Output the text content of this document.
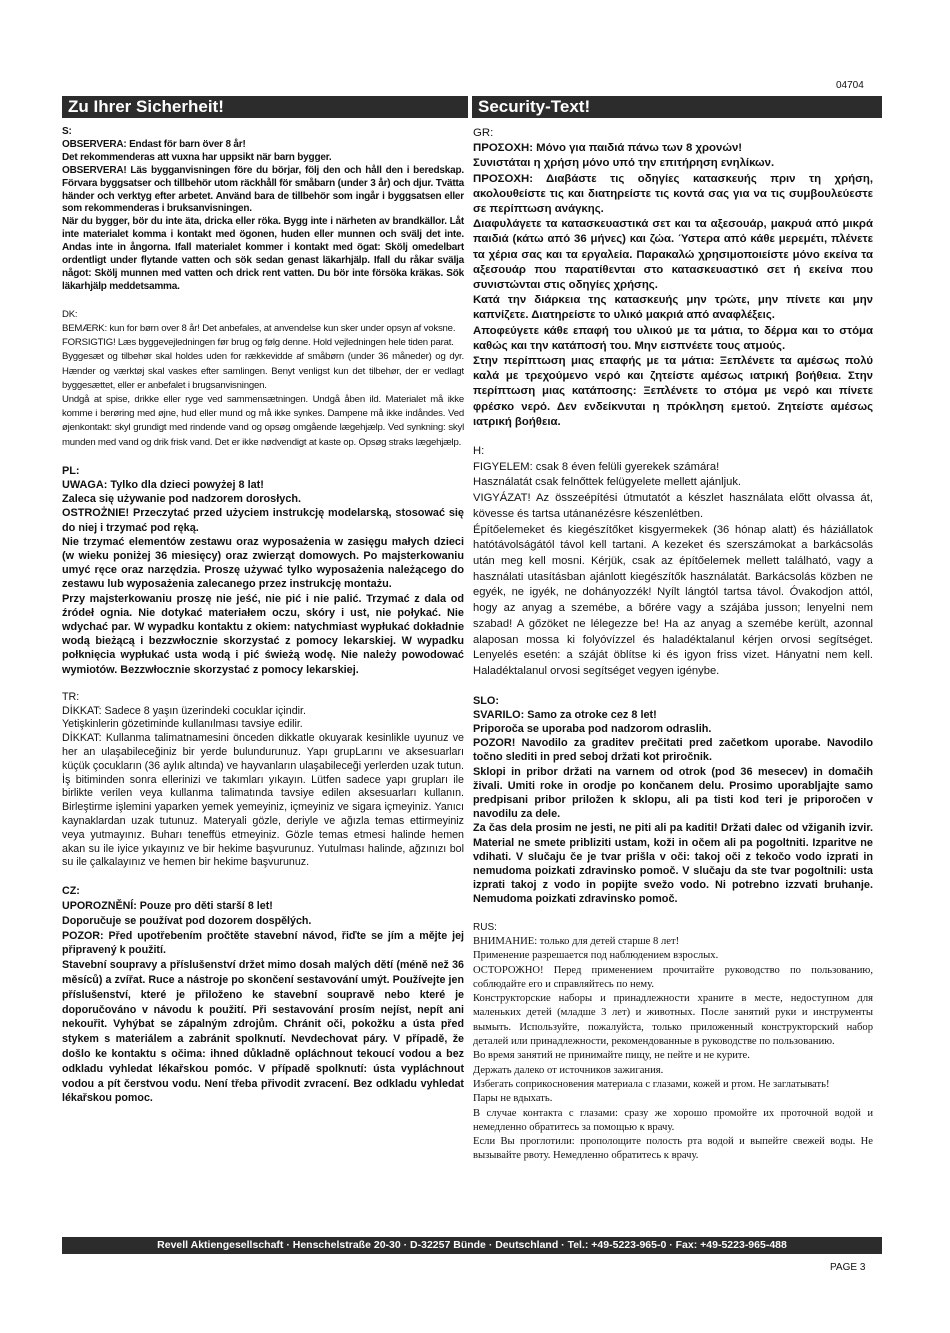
04704
Zu Ihrer Sicherheit!	Security-Text!

S:

OBSERVERA: Endast för barn över 8 år!

Det rekommenderas att vuxna har uppsikt när barn bygger.

OBSERVERA! Läs bygganvisningen före du börjar, följ den och håll den i beredskap. Förvara byggsatser och tillbehör utom räckhåll för småbarn (under 3 år) och djur. Tvätta händer och verktyg efter arbetet. Använd bara de tillbehör som ingår i byggsatsen eller som rekommenderas i bruksanvisningen.

När du bygger, bör du inte äta, dricka eller röka. Bygg inte i närheten av brandkällor. Låt inte materialet komma i kontakt med ögonen, huden eller munnen och svälj det inte. Andas inte in ångorna. Ifall materialet kommer i kontakt med ögat: Skölj omedelbart ordentligt under flytande vatten och sök sedan genast läkarhjälp. Ifall du råkar svälja något: Skölj munnen med vatten och drick rent vatten. Du bör inte försöka kräkas. Sök läkarhjälp meddetsamma.

DK:

BEMÆRK: kun for børn over 8 år! Det anbefales, at anvendelse kun sker under opsyn af voksne.

FORSIGTIG! Læs byggevejledningen før brug og følg denne. Hold vejledningen hele tiden parat.

Byggesæt og tilbehør skal holdes uden for rækkevidde af småbørn (under 36 måneder) og dyr. Hænder og værktøj skal vaskes efter samlingen. Benyt venligst kun det tilbehør, der er vedlagt byggesættet, eller er anbefalet i brugsanvisningen.

Undgå at spise, drikke eller ryge ved sammensætningen. Undgå åben ild. Materialet må ikke komme i berøring med øjne, hud eller mund og må ikke synkes. Dampene må ikke indåndes. Ved øjenkontakt: skyl grundigt med rindende vand og opsøg omgående lægehjælp. Ved synkning: skyl munden med vand og drik frisk vand. Det er ikke nødvendigt at kaste op. Opsøg straks lægehjælp.

PL:

UWAGA: Tylko dla dzieci powyżej 8 lat!

Zaleca się używanie pod nadzorem dorosłych.

OSTROŻNIE! Przeczytać przed użyciem instrukcję modelarską, stosować się do niej i trzymać pod ręką.

Nie trzymać elementów zestawu oraz wyposażenia w zasięgu małych dzieci (w wieku poniżej 36 miesięcy) oraz zwierząt domowych. Po majsterkowaniu umyć ręce oraz narzędzia. Proszę używać tylko wyposażenia należącego do zestawu lub wyposażenia zalecanego przez instrukcję montażu.

Przy majsterkowaniu proszę nie jeść, nie pić i nie palić. Trzymać z dala od źródeł ognia. Nie dotykać materiałem oczu, skóry i ust, nie połykać. Nie wdychać par. W wypadku kontaktu z okiem: natychmiast wypłukać dokładnie wodą bieżącą i bezzwłocznie skorzystać z pomocy lekarskiej. W wypadku połknięcia wypłukać usta wodą i pić świeżą wodę. Nie należy powodować wymiotów. Bezzwłocznie skorzystać z pomocy lekarskiej.

TR:

DİKKAT: Sadece 8 yaşın üzerindeki cocuklar içindir.

Yetişkinlerin gözetiminde kullanılması tavsiye edilir.

DİKKAT: Kullanma talimatnamesini önceden dikkatle okuyarak kesinlikle uyunuz ve her an ulaşabileceğiniz bir yerde bulundurunuz. Yapı grupLarını ve aksesuarları küçük çocukların (36 aylık altında) ve hayvanların ulaşabileceği yerlerden uzak tutun. İş bitiminden sonra ellerinizi ve takımları yıkayın. Lütfen sadece yapı grupları ile birlikte verilen veya kullanma talimatında tavsiye edilen aksesuarları kullanın. Birleştirme işlemini yaparken yemek yemeyiniz, içmeyiniz ve sigara içmeyiniz. Yanıcı kaynaklardan uzak tutunuz. Materyali gözle, deriyle ve ağızla temas ettirmeyiniz veya yutmayınız. Buharı teneffüs etmeyiniz. Gözle temas etmesi halinde hemen akan su ile iyice yıkayınız ve bir hekime başvurunuz. Yutulması halinde, ağzınızı bol su ile çalkalayınız ve hemen bir hekime başvurunuz.

CZ:

UPOROZNĚNÍ: Pouze pro děti starší 8 let!

Doporučuje se používat pod dozorem dospělých.

POZOR: Před upotřebením pročtěte stavební návod, řiďte se jím a mějte jej připravený k použití.

Stavební soupravy a příslušenství držet mimo dosah malých dětí (méně než 36 měsíců) a zvířat. Ruce a nástroje po skončení sestavování umýt. Používejte jen příslušenství, které je přiloženo ke stavební soupravě nebo které je doporučováno v návodu k použití. Při sestavování prosím nejíst, nepít ani nekouřit. Vyhýbat se zápalným zdrojům. Chránit oči, pokožku a ústa před stykem s materiálem a zabránit spolknutí. Nevdechovat páry. V případě, že došlo ke kontaktu s očima: ihned důkladně opláchnout tekoucí vodou a bez odkladu vyhledat lékařskou pomóc. V případě spolknutí: ústa vypláchnout vodou a pít čerstvou vodu. Není třeba přivodit zvracení. Bez odkladu vyhledat lékařskou pomoc.

GR:

ΠΡΟΣΟΧΗ: Μόνο για παιδιά πάνω των 8 χρονών!

Συνιστάται η χρήση μόνο υπό την επιτήρηση ενηλίκων.

ΠΡΟΣΟΧΗ: Διαβάστε τις οδηγίες κατασκευής πριν τη χρήση, ακολουθείστε τις και διατηρείστε τις κοντά σας για να τις συμβουλεύεστε σε περίπτωση ανάγκης.

Διαφυλάγετε τα κατασκευαστικά σετ και τα αξεσουάρ, μακρυά από μικρά παιδιά (κάτω από 36 μήνες) και ζώα. Ύστερα από κάθε μερεμέτι, πλένετε τα χέρια σας και τα εργαλεία. Παρακαλώ χρησιμοποιείστε μόνο εκείνα τα αξεσουάρ που παρατίθενται στο κατασκευαστικό σετ ή εκείνα που συνιστώνται στις οδηγίες χρήσης.

Κατά την διάρκεια της κατασκευής μην τρώτε, μην πίνετε και μην καπνίζετε. Διατηρείστε το υλικό μακριά από αναφλέξεις.

Αποφεύγετε κάθε επαφή του υλικού με τα μάτια, το δέρμα και το στόμα καθώς και την κατάποσή του. Μην εισπνέετε τους ατμούς.

Στην περίπτωση μιας επαφής με τα μάτια: Ξεπλένετε τα αμέσως πολύ καλά με τρεχούμενο νερό και ζητείστε αμέσως ιατρική βοήθεια. Στην περίπτωση μιας κατάποσης: Ξεπλένετε το στόμα με νερό και πίνετε φρέσκο νερό. Δεν ενδείκνυται η πρόκληση εμετού. Ζητείστε αμέσως ιατρική βοήθεια.

H:

FIGYELEM: csak 8 éven felüli gyerekek számára!

Használatát csak felnőttek felügyelete mellett ajánljuk.

VIGYÁZAT! Az összeépítési útmutatót a készlet használata előtt olvassa át, kövesse és tartsa utánanézésre készenlétben.

Építőelemeket és kiegészítőket kisgyermekek (36 hónap alatt) és háziállatok hatótávolságától távol kell tartani. A kezeket és szerszámokat a barkácsolás után meg kell mosni. Kérjük, csak az építőelemek mellett található, vagy a használati utasításban ajánlott kiegészítők használatát. Barkácsolás közben ne egyék, ne igyék, ne dohányozzék! Nyílt lángtól tartsa távol. Óvakodjon attól, hogy az anyag a szemébe, a bőrére vagy a szájába jusson; lenyelni nem szabad! A gőzöket ne lélegezze be! Ha az anyag a szemébe került, azonnal alaposan mossa ki folyóvízzel és haladéktalanul kérjen orvosi segítséget. Lenyelés esetén: a száját öblítse ki és igyon friss vizet. Hányatni nem kell. Haladéktalanul orvosi segítséget vegyen igénybe.

SLO:

SVARILO: Samo za otroke cez 8 let!

Priporoča se uporaba pod nadzorom odraslih.

POZOR! Navodilo za graditev prečitati pred začetkom uporabe. Navodilo točno slediti in pred seboj držati kot priročnik.

Sklopi in pribor držati na varnem od otrok (pod 36 mesecev) in domačih živali. Umiti roke in orodje po končanem delu. Prosimo uporabljajte samo predpisani pribor priložen k sklopu, ali pa tisti kod teri je priporočen v navodilu za dele.

Za čas dela prosim ne jesti, ne piti ali pa kaditi! Držati dalec od vžiganih izvir. Material ne smete pribliziti ustam, koži in očem ali pa pogoltniti. Izparitve ne vdihati. V slučaju če je tvar prišla v oči: takoj oči z tekočo vodo izprati in nemudoma poizkati zdravinsko pomoč. V slučaju da ste tvar pogoltnili: usta izprati takoj z vodo in popijte svežo vodo. Ni potrebno izzvati bruhanje. Nemudoma poizkati zdravinsko pomoč.

RUS:

ВНИМАНИЕ: только для детей старше 8 лет!

Применение разрешается под наблюдением взрослых.

ОСТОРОЖНО! Перед применением прочитайте руководство по пользованию, соблюдайте его и справляйтесь по нему.

Конструкторские наборы и принадлежности храните в месте, недоступном для маленьких детей (младше 3 лет) и животных. После занятий руки и инструменты вымыть. Используйте, пожалуйста, только приложенный конструкторский набор деталей или принадлежности, рекомендованные в руководстве по пользованию.

Во время занятий не принимайте пищу, не пейте и не курите.

Держать далеко от источников зажигания.

Избегать соприкосновения материала с глазами, кожей и ртом. Не заглатывать!

Пары не вдыхать.

В случае контакта с глазами: сразу же хорошо промойте их проточной водой и немедленно обратитесь за помощью к врачу.

Если Вы проглотили: прополощите полость рта водой и выпейте свежей воды. Не вызывайте рвоту. Немедленно обратитесь к врачу.

Revell Aktiengesellschaft · Henschelstraße 20-30 · D-32257 Bünde · Deutschland · Tel.: +49-5223-965-0 · Fax: +49-5223-965-488
PAGE 3
